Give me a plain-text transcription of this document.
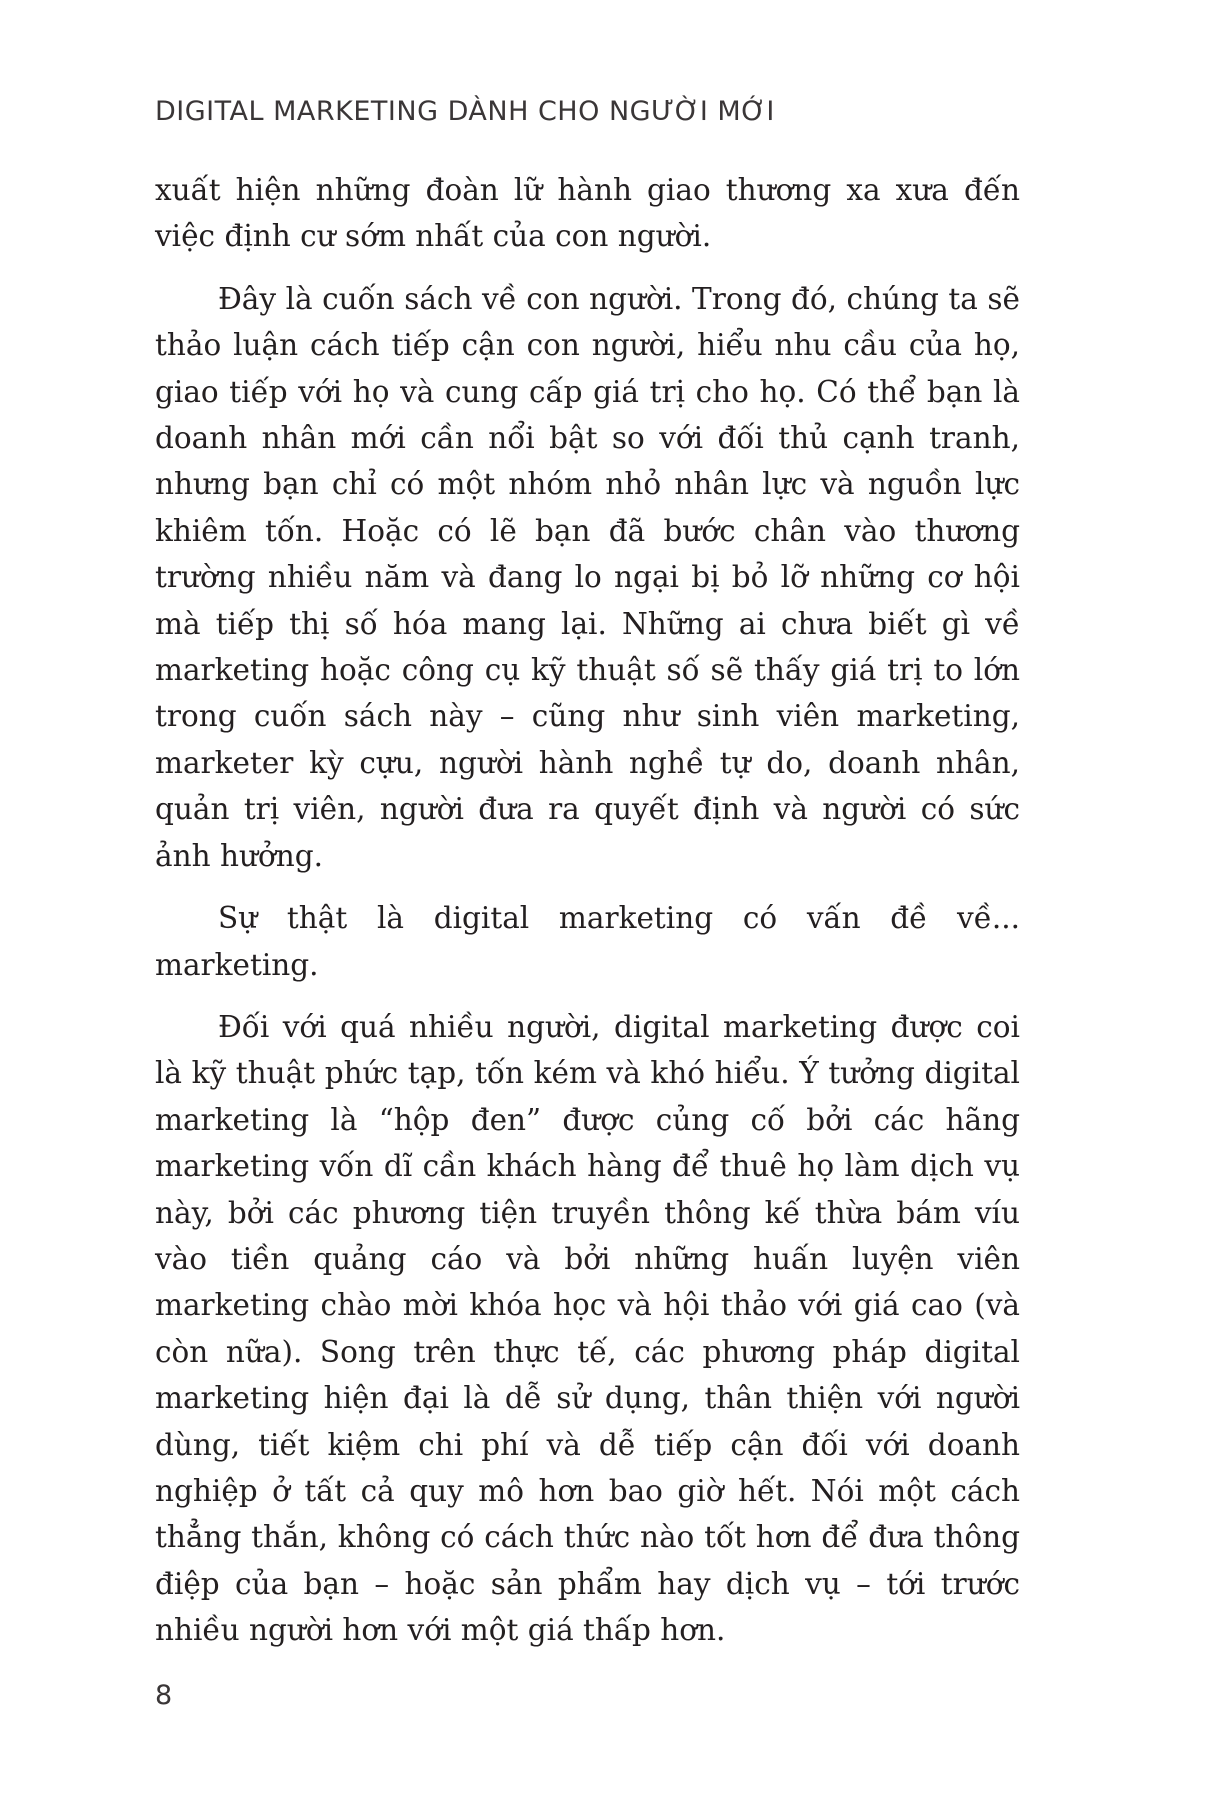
DIGITAL MARKETING DÀNH CHO NGƯỜI MỚI

xuất hiện những đoàn lữ hành giao thương xa xưa đến việc định cư sớm nhất của con người.

Đây là cuốn sách về con người. Trong đó, chúng ta sẽ thảo luận cách tiếp cận con người, hiểu nhu cầu của họ, giao tiếp với họ và cung cấp giá trị cho họ. Có thể bạn là doanh nhân mới cần nổi bật so với đối thủ cạnh tranh, nhưng bạn chỉ có một nhóm nhỏ nhân lực và nguồn lực khiêm tốn. Hoặc có lẽ bạn đã bước chân vào thương trường nhiều năm và đang lo ngại bị bỏ lỡ những cơ hội mà tiếp thị số hóa mang lại. Những ai chưa biết gì về marketing hoặc công cụ kỹ thuật số sẽ thấy giá trị to lớn trong cuốn sách này – cũng như sinh viên marketing, marketer kỳ cựu, người hành nghề tự do, doanh nhân, quản trị viên, người đưa ra quyết định và người có sức ảnh hưởng.

Sự thật là digital marketing có vấn đề về... marketing.

Đối với quá nhiều người, digital marketing được coi là kỹ thuật phức tạp, tốn kém và khó hiểu. Ý tưởng digital marketing là “hộp đen” được củng cố bởi các hãng marketing vốn dĩ cần khách hàng để thuê họ làm dịch vụ này, bởi các phương tiện truyền thông kế thừa bám víu vào tiền quảng cáo và bởi những huấn luyện viên marketing chào mời khóa học và hội thảo với giá cao (và còn nữa). Song trên thực tế, các phương pháp digital marketing hiện đại là dễ sử dụng, thân thiện với người dùng, tiết kiệm chi phí và dễ tiếp cận đối với doanh nghiệp ở tất cả quy mô hơn bao giờ hết. Nói một cách thẳng thắn, không có cách thức nào tốt hơn để đưa thông điệp của bạn – hoặc sản phẩm hay dịch vụ – tới trước nhiều người hơn với một giá thấp hơn.

8
